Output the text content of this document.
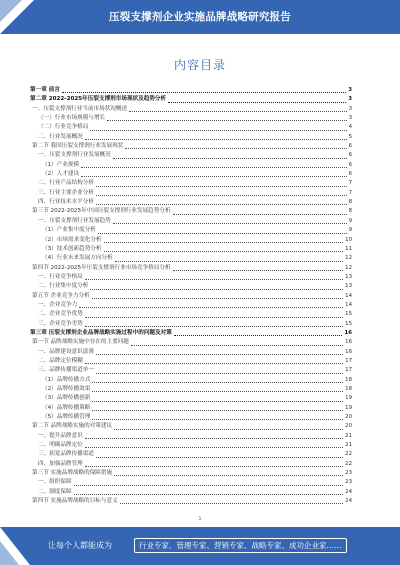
压裂支撑剂企业实施品牌战略研究报告
内容目录
第一章 前言	3
第二章 2022-2025年压裂支撑剂市场现状及趋势分析	3
一、压裂支撑剂行业当前市场状况概述	3
（一）行业市场规模与增长	3
（二）行业竞争格局	4
二、行业发展概况	5
第二节 我国压裂支撑剂行业发展现状	6
一、压裂支撑剂行业发展概况	6
（1）产业规模	6
（2）人才建设	6
二、行业产品结构分析	7
三、行业主要企业分析	7
四、行业技术水平分析	8
第三节 2022-2025年中国压裂支撑剂行业发展趋势分析	8
一、压裂支撑剂行业发展趋势	9
（1）产业集中度分析	9
（2）市场需求变化分析	10
（3）技术创新趋势分析	11
（4）行业未来发展方向分析	12
第四节 2022-2025年压裂支撑剂行业市场竞争格局分析	12
一、行业竞争格局	13
二、行业集中度分析	13
第五节 企业竞争力分析	14
一、企业竞争力	14
二、企业竞争优势	15
三、企业竞争劣势	15
第三章 压裂支撑剂企业品牌战略实施过程中的问题及对策	16
第一节 品牌战略实施中存在的主要问题	16
一、品牌建设意识淡薄	16
二、品牌定位模糊	17
三、品牌传播渠道单一	17
（1）品牌传播方式	18
（2）品牌传播效果	18
（3）品牌传播创新	19
（4）品牌传播策略	19
（5）品牌传播管理	20
第二节 品牌战略实施的对策建议	20
一、提升品牌意识	21
二、明确品牌定位	21
三、拓宽品牌传播渠道	22
四、加强品牌管理	22
第三节 实施品牌战略的保障措施	23
一、组织保障	23
二、制度保障	24
第四节 实施品牌战略的目标与意义	24
1
让每个人都能成为	行业专家、管理专家、营销专家、战略专家、成功企业家……
